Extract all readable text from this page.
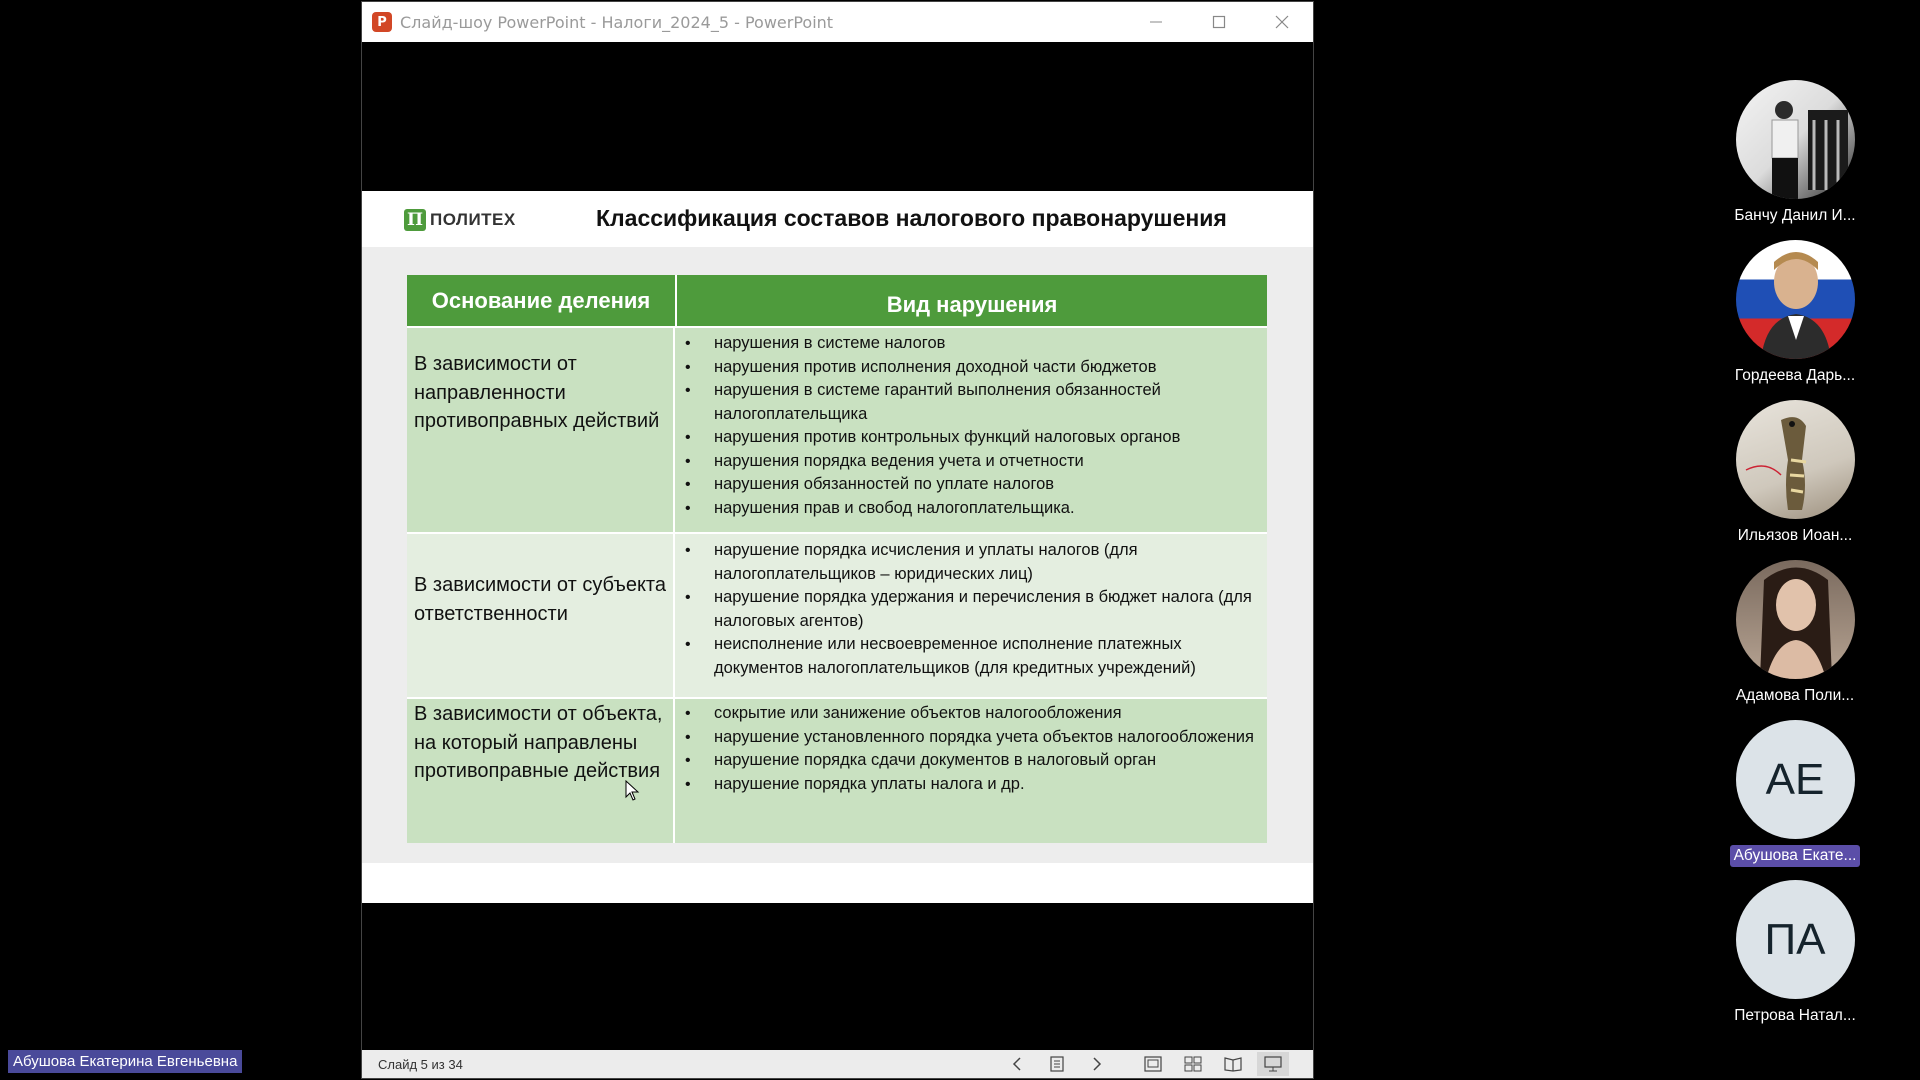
P Слайд-шоу PowerPoint - Налоги_2024_5 - PowerPoint
П ПОЛИТЕХ	Классификация составов налогового правонарушения
Основание деления	Вид нарушения
В зависимости от направленности противоправных действий
• нарушения в системе налогов
• нарушения против исполнения доходной части бюджетов
• нарушения в системе гарантий выполнения обязанностей налогоплательщика
• нарушения против контрольных функций налоговых органов
• нарушения порядка ведения учета и отчетности
• нарушения обязанностей по уплате налогов
• нарушения прав и свобод налогоплательщика.
В зависимости от субъекта ответственности
• нарушение порядка исчисления и уплаты налогов (для налогоплательщиков – юридических лиц)
• нарушение порядка удержания и перечисления в бюджет налога (для налоговых агентов)
• неисполнение или несвоевременное исполнение платежных документов налогоплательщиков (для кредитных учреждений)
В зависимости от объекта, на который направлены противоправные действия
• сокрытие или занижение объектов налогообложения
• нарушение установленного порядка учета объектов налогообложения
• нарушение порядка сдачи документов в налоговый орган
• нарушение порядка уплаты налога и др.
Слайд 5 из 34
Банчу Данил И...
Гордеева Дарь...
Ильязов Иоан...
Адамова Поли...
АЕ
Абушова Екате...
ПА
Петрова Натал...
Абушова Екатерина Евгеньевна
